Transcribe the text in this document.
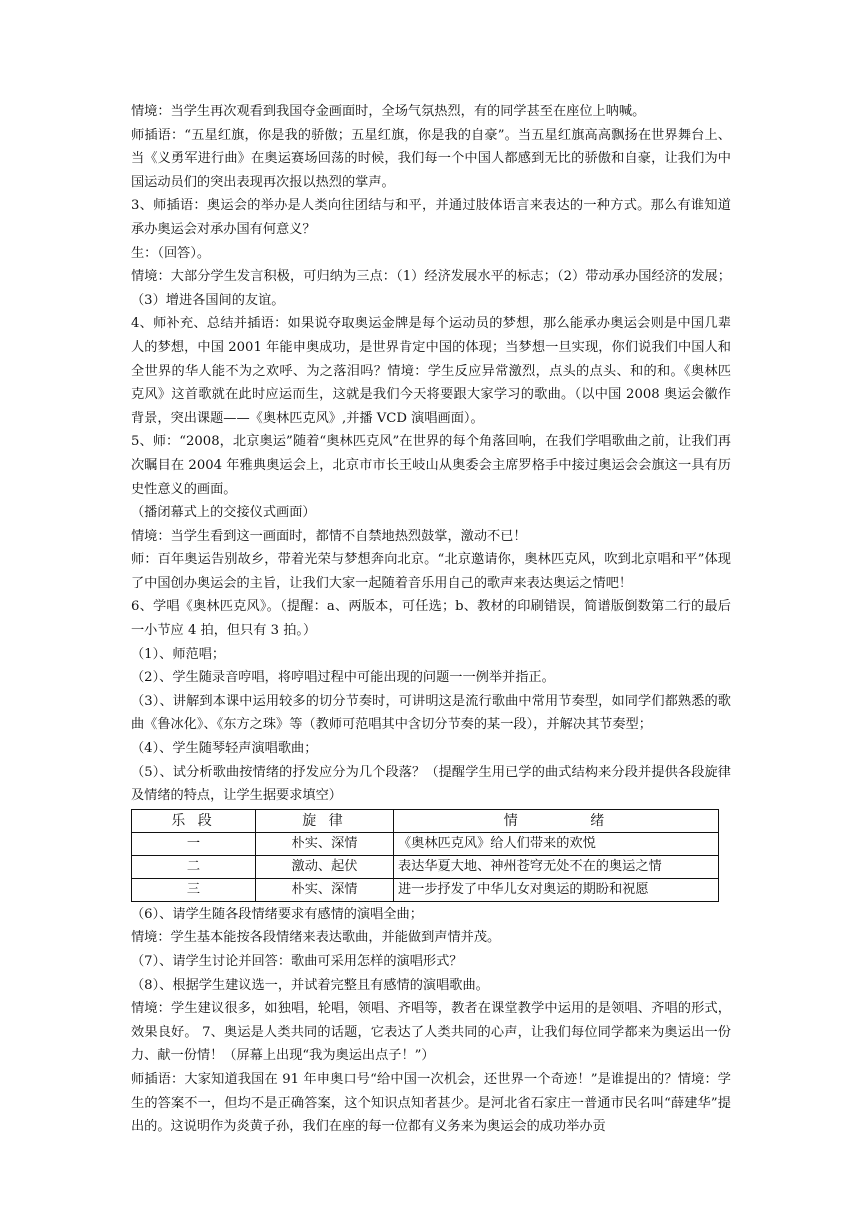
情境：当学生再次观看到我国夺金画面时，全场气氛热烈，有的同学甚至在座位上呐喊。

师插语：“五星红旗，你是我的骄傲；五星红旗，你是我的自豪”。当五星红旗高高飘扬在世界舞台上、当《义勇军进行曲》在奥运赛场回荡的时候，我们每一个中国人都感到无比的骄傲和自豪，让我们为中国运动员们的突出表现再次报以热烈的掌声。

3、师插语：奥运会的举办是人类向往团结与和平，并通过肢体语言来表达的一种方式。那么有谁知道承办奥运会对承办国有何意义？

生：（回答）。

情境：大部分学生发言积极，可归纳为三点：（1）经济发展水平的标志；（2）带动承办国经济的发展；（3）增进各国间的友谊。

4、师补充、总结并插语：如果说夺取奥运金牌是每个运动员的梦想，那么能承办奥运会则是中国几辈人的梦想，中国 2001 年能申奥成功，是世界肯定中国的体现；当梦想一旦实现，你们说我们中国人和全世界的华人能不为之欢呼、为之落泪吗？情境：学生反应异常激烈，点头的点头、和的和。《奥林匹克风》这首歌就在此时应运而生，这就是我们今天将要跟大家学习的歌曲。（以中国 2008 奥运会徽作背景，突出课题——《奥林匹克风》,并播 VCD 演唱画面）。

5、师：“2008，北京奥运”随着“奥林匹克风”在世界的每个角落回响，在我们学唱歌曲之前，让我们再次瞩目在 2004 年雅典奥运会上，北京市市长王岐山从奥委会主席罗格手中接过奥运会会旗这一具有历史性意义的画面。

（播闭幕式上的交接仪式画面）

情境：当学生看到这一画面时，都情不自禁地热烈鼓掌，激动不已！

师：百年奥运告别故乡，带着光荣与梦想奔向北京。“北京邀请你，奥林匹克风，吹到北京唱和平”体现了中国创办奥运会的主旨，让我们大家一起随着音乐用自己的歌声来表达奥运之情吧！

6、学唱《奥林匹克风》。（提醒：a、两版本，可任选；b、教材的印刷错误，简谱版倒数第二行的最后一小节应 4 拍，但只有 3 拍。）

（1）、师范唱；

（2）、学生随录音哼唱，将哼唱过程中可能出现的问题一一例举并指正。

（3）、讲解到本课中运用较多的切分节奏时，可讲明这是流行歌曲中常用节奏型，如同学们都熟悉的歌曲《鲁冰化》、《东方之珠》等（教师可范唱其中含切分节奏的某一段），并解决其节奏型；

（4）、学生随琴轻声演唱歌曲；

（5）、试分析歌曲按情绪的抒发应分为几个段落？（提醒学生用已学的曲式结构来分段并提供各段旋律及情绪的特点，让学生据要求填空）

乐 段	旋 律	情 绪
一	朴实、深情	《奥林匹克风》给人们带来的欢悦
二	激动、起伏	表达华夏大地、神州苍穹无处不在的奥运之情
三	朴实、深情	进一步抒发了中华儿女对奥运的期盼和祝愿

（6）、请学生随各段情绪要求有感情的演唱全曲；

情境：学生基本能按各段情绪来表达歌曲，并能做到声情并茂。

（7）、请学生讨论并回答：歌曲可采用怎样的演唱形式？

（8）、根据学生建议选一，并试着完整且有感情的演唱歌曲。

情境：学生建议很多，如独唱，轮唱，领唱、齐唱等，教者在课堂教学中运用的是领唱、齐唱的形式，效果良好。 7、奥运是人类共同的话题，它表达了人类共同的心声，让我们每位同学都来为奥运出一份力、献一份情！（屏幕上出现“我为奥运出点子！”）

师插语：大家知道我国在 91 年申奥口号“给中国一次机会，还世界一个奇迹！”是谁提出的？情境：学生的答案不一，但均不是正确答案，这个知识点知者甚少。是河北省石家庄一普通市民名叫“薛建华”提出的。这说明作为炎黄子孙，我们在座的每一位都有义务来为奥运会的成功举办贡
